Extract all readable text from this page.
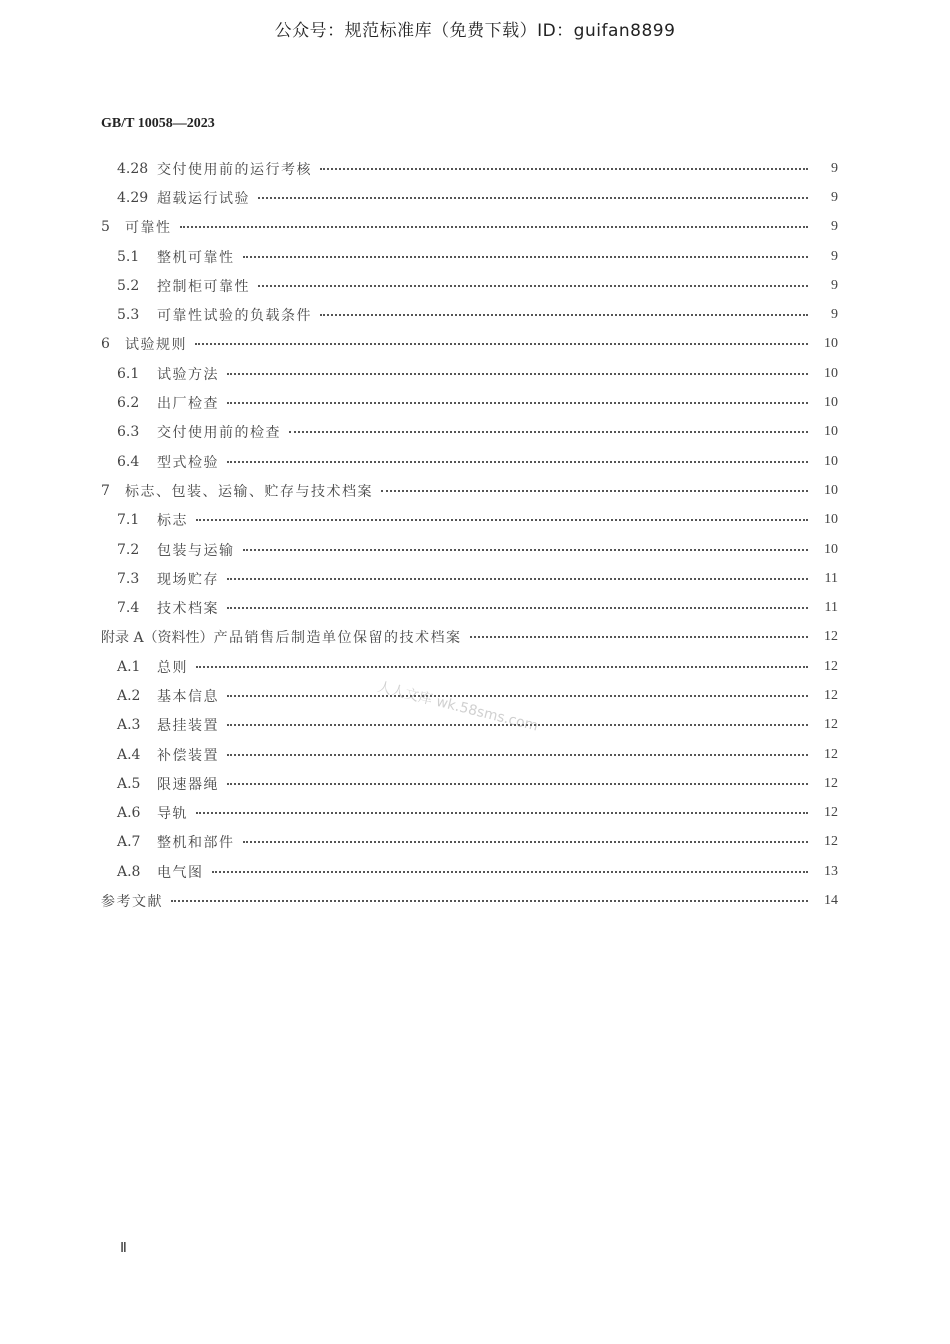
公众号：规范标准库（免费下载）ID：guifan8899
GB/T 10058—2023
4.28 交付使用前的运行考核	9
4.29 超载运行试验	9
5	可靠性	9
5.1	整机可靠性	9
5.2	控制柜可靠性	9
5.3	可靠性试验的负载条件	9
6	试验规则	10
6.1	试验方法	10
6.2	出厂检查	10
6.3	交付使用前的检查	10
6.4	型式检验	10
7	标志、包装、运输、贮存与技术档案	10
7.1	标志	10
7.2	包装与运输	10
7.3	现场贮存	11
7.4	技术档案	11
附录 A（资料性） 产品销售后制造单位保留的技术档案	12
A.1	总则	12
A.2	基本信息	12
A.3	悬挂装置	12
A.4	补偿装置	12
A.5	限速器绳	12
A.6	导轨	12
A.7	整机和部件	12
A.8	电气图	13
参考文献	14
人人文库 wk.58sms.com
Ⅱ
